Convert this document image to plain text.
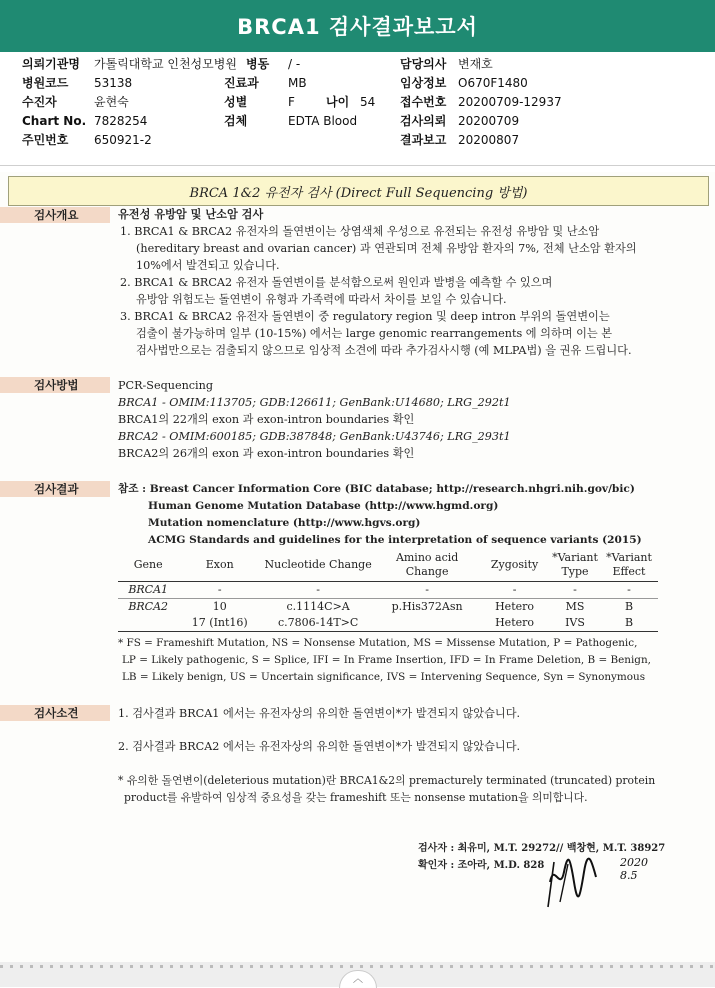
BRCA1 검사결과보고서
의뢰기관명 가톨릭대학교 인천성모병원 병동 / -	담당의사 변재호
병원코드 53138	진료과 MB	임상정보 O670F1480
수진자	윤현숙	성별	F	나이 54 접수번호 20200709-12937
Chart No. 7828254	검체	EDTA Blood	검사의뢰 20200709
주민번호 650921-2	결과보고 20200807
BRCA 1&2 유전자 검사 (Direct Full Sequencing 방법)
검사개요	유전성 유방암 및 난소암 검사
1. BRCA1 & BRCA2 유전자의 돌연변이는 상염색체 우성으로 유전되는 유전성 유방암 및 난소암
(hereditary breast and ovarian cancer) 과 연관되며 전체 유방암 환자의 7%, 전체 난소암 환자의
10%에서 발견되고 있습니다.
2. BRCA1 & BRCA2 유전자 돌연변이를 분석함으로써 원인과 발병을 예측할 수 있으며
유방암 위험도는 돌연변이 유형과 가족력에 따라서 차이를 보일 수 있습니다.
3. BRCA1 & BRCA2 유전자 돌연변이 중 regulatory region 및 deep intron 부위의 돌연변이는
검출이 불가능하며 일부 (10-15%) 에서는 large genomic rearrangements 에 의하며 이는 본
검사법만으로는 검출되지 않으므로 임상적 소견에 따라 추가검사시행 (예 MLPA법) 을 권유 드립니다.
검사방법	PCR-Sequencing
BRCA1 - OMIM:113705; GDB:126611; GenBank:U14680; LRG_292t1
BRCA1의 22개의 exon 과 exon-intron boundaries 확인
BRCA2 - OMIM:600185; GDB:387848; GenBank:U43746; LRG_293t1
BRCA2의 26개의 exon 과 exon-intron boundaries 확인
검사결과	참조 : Breast Cancer Information Core (BIC database; http://research.nhgri.nih.gov/bic)
Human Genome Mutation Database (http://www.hgmd.org)
Mutation nomenclature (http://www.hgvs.org)
ACMG Standards and guidelines for the interpretation of sequence variants (2015)
Gene	Exon	Nucleotide Change	Amino acid Change	Zygosity	*Variant Type	*Variant Effect
BRCA1	-	-	-	-	-	-
BRCA2	10	c.1114C>A	p.His372Asn	Hetero	MS	B
	17 (Int16)	c.7806-14T>C		Hetero	IVS	B
* FS = Frameshift Mutation, NS = Nonsense Mutation, MS = Missense Mutation, P = Pathogenic,
LP = Likely pathogenic, S = Splice, IFI = In Frame Insertion, IFD = In Frame Deletion, B = Benign,
LB = Likely benign, US = Uncertain significance, IVS = Intervening Sequence, Syn = Synonymous
검사소견	1. 검사결과 BRCA1 에서는 유전자상의 유의한 돌연변이*가 발견되지 않았습니다.
2. 검사결과 BRCA2 에서는 유전자상의 유의한 돌연변이*가 발견되지 않았습니다.
* 유의한 돌연변이(deleterious mutation)란 BRCA1&2의 premacturely terminated (truncated) protein
product를 유발하여 임상적 중요성을 갖는 frameshift 또는 nonsense mutation을 의미합니다.
검사자 : 최유미, M.T. 29272// 백창현, M.T. 38927
확인자 : 조아라, M.D. 828	2020 8.5
︿
